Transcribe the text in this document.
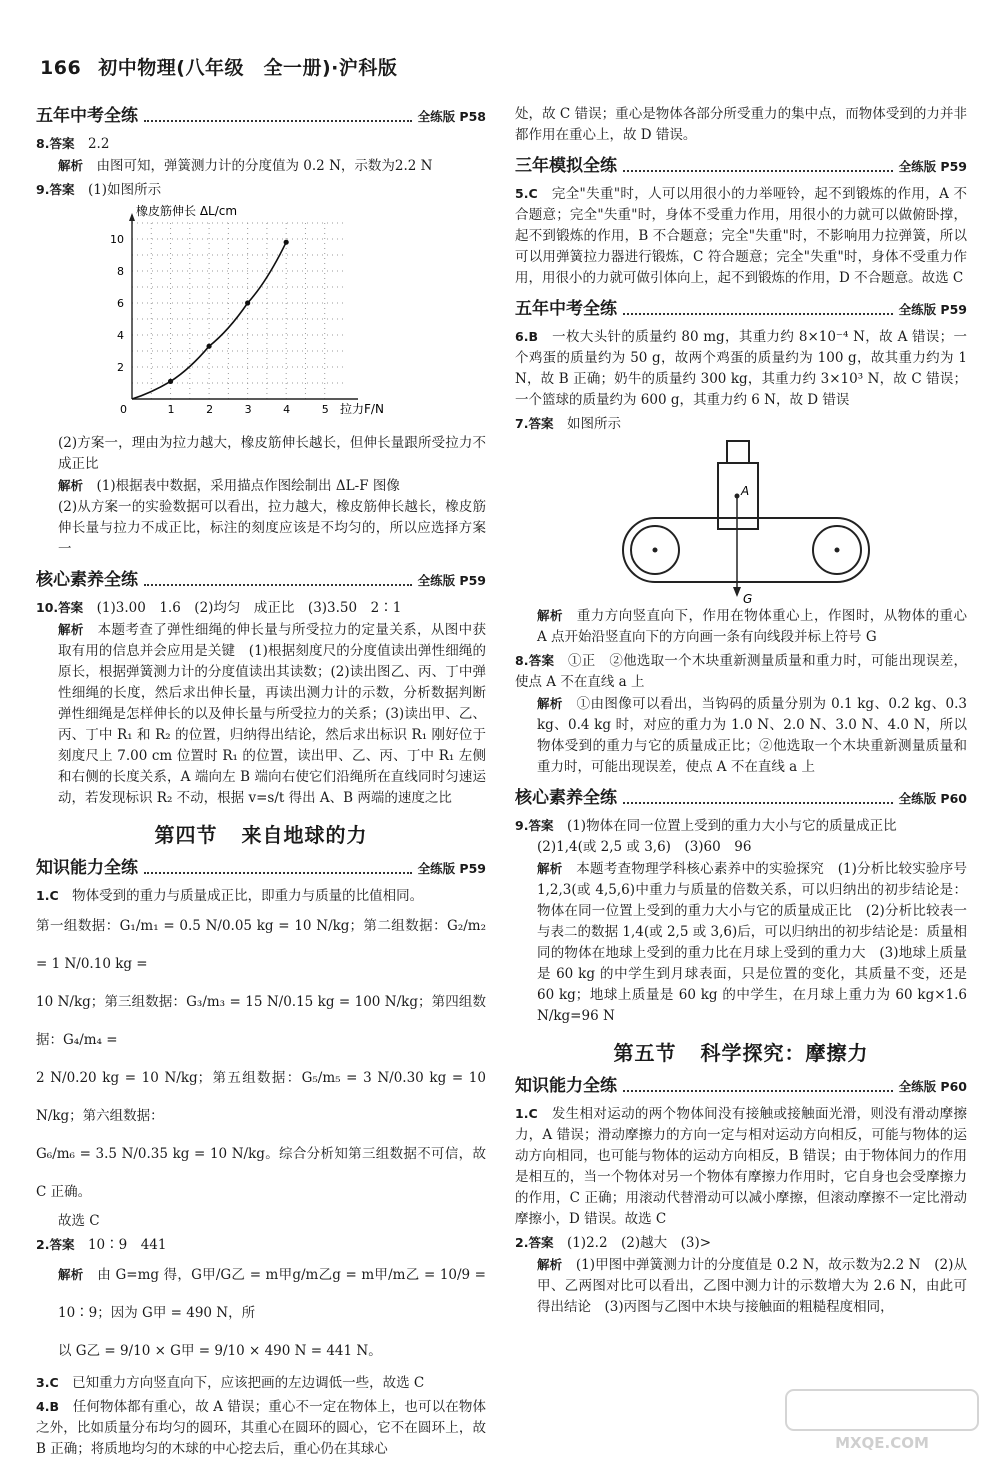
166 初中物理(八年级　全一册)·沪科版
五年中考全练	全练版 P58

8.答案　 2.2

解析　 由图可知，弹簧测力计的分度值为 0.2 N，示数为2.2 N

9.答案　 (1)如图所示

0	1	2	3	4	5
2
4
6
8
10
橡皮筋伸长 ΔL/cm
拉力F/N

(2)方案一，理由为拉力越大，橡皮筋伸长越长，但伸长量跟所受拉力不成正比

解析　 (1)根据表中数据，采用描点作图绘制出 ΔL-F 图像

(2)从方案一的实验数据可以看出，拉力越大，橡皮筋伸长越长，橡皮筋伸长量与拉力不成正比，标注的刻度应该是不均匀的，所以应选择方案一

核心素养全练	全练版 P59

10.答案　 (1)3.00　1.6　(2)均匀　成正比　(3)3.50　2∶1

解析　 本题考查了弹性细绳的伸长量与所受拉力的定量关系，从图中获取有用的信息并会应用是关键　(1)根据刻度尺的分度值读出弹性细绳的原长，根据弹簧测力计的分度值读出其读数；(2)读出图乙、丙、丁中弹性细绳的长度，然后求出伸长量，再读出测力计的示数，分析数据判断弹性细绳是怎样伸长的以及伸长量与所受拉力的关系；(3)读出甲、乙、丙、丁中 R₁ 和 R₂ 的位置，归纳得出结论，然后求出标识 R₁ 刚好位于刻度尺上 7.00 cm 位置时 R₁ 的位置，读出甲、乙、丙、丁中 R₁ 左侧和右侧的长度关系，A 端向左 B 端向右使它们沿绳所在直线同时匀速运动，若发现标识 R₂ 不动，根据 v=s/t 得出 A、B 两端的速度之比

第四节 来自地球的力
知识能力全练	全练版 P59

1.C　 物体受到的重力与质量成正比，即重力与质量的比值相同。

第一组数据：G₁/m₁ = 0.5 N/0.05 kg = 10 N/kg；第二组数据：G₂/m₂ = 1 N/0.10 kg =

10 N/kg；第三组数据：G₃/m₃ = 15 N/0.15 kg = 100 N/kg；第四组数据：G₄/m₄ =

2 N/0.20 kg = 10 N/kg；第五组数据：G₅/m₅ = 3 N/0.30 kg = 10 N/kg；第六组数据：

G₆/m₆ = 3.5 N/0.35 kg = 10 N/kg。综合分析知第三组数据不可信，故 C 正确。

故选 C

2.答案　 10∶9　441

解析　 由 G=mg 得，G甲/G乙 = m甲g/m乙g = m甲/m乙 = 10/9 = 10∶9；因为 G甲 = 490 N，所

以 G乙 = 9/10 × G甲 = 9/10 × 490 N = 441 N。

3.C　 已知重力方向竖直向下，应该把画的左边调低一些，故选 C

4.B　 任何物体都有重心，故 A 错误；重心不一定在物体上，也可以在物体之外，比如质量分布均匀的圆环，其重心在圆环的圆心，它不在圆环上，故 B 正确；将质地均匀的木球的中心挖去后，重心仍在其球心

处，故 C 错误；重心是物体各部分所受重力的集中点，而物体受到的力并非都作用在重心上，故 D 错误。

三年模拟全练	全练版 P59

5.C　 完全"失重"时，人可以用很小的力举哑铃，起不到锻炼的作用，A 不合题意；完全"失重"时，身体不受重力作用，用很小的力就可以做俯卧撑，起不到锻炼的作用，B 不合题意；完全"失重"时，不影响用力拉弹簧，所以可以用弹簧拉力器进行锻炼，C 符合题意；完全"失重"时，身体不受重力作用，用很小的力就可做引体向上，起不到锻炼的作用，D 不合题意。故选 C

五年中考全练	全练版 P59

6.B　 一枚大头针的质量约 80 mg，其重力约 8×10⁻⁴ N，故 A 错误；一个鸡蛋的质量约为 50 g，故两个鸡蛋的质量约为 100 g，故其重力约为 1 N，故 B 正确；奶牛的质量约 300 kg，其重力约 3×10³ N，故 C 错误；一个篮球的质量约为 600 g，其重力约 6 N，故 D 错误

7.答案　 如图所示

A
G

解析　 重力方向竖直向下，作用在物体重心上，作图时，从物体的重心 A 点开始沿竖直向下的方向画一条有向线段并标上符号 G

8.答案　 ①正　②他选取一个木块重新测量质量和重力时，可能出现误差，使点 A 不在直线 a 上

解析　 ①由图像可以看出，当钩码的质量分别为 0.1 kg、0.2 kg、0.3 kg、0.4 kg 时，对应的重力为 1.0 N、2.0 N、3.0 N、4.0 N，所以物体受到的重力与它的质量成正比；②他选取一个木块重新测量质量和重力时，可能出现误差，使点 A 不在直线 a 上

核心素养全练	全练版 P60

9.答案　 (1)物体在同一位置上受到的重力大小与它的质量成正比

(2)1,4(或 2,5 或 3,6)　(3)60　96

解析　 本题考查物理学科核心素养中的实验探究　(1)分析比较实验序号 1,2,3(或 4,5,6)中重力与质量的倍数关系，可以归纳出的初步结论是：物体在同一位置上受到的重力大小与它的质量成正比　(2)分析比较表一与表二的数据 1,4(或 2,5 或 3,6)后，可以归纳出的初步结论是：质量相同的物体在地球上受到的重力比在月球上受到的重力大　(3)地球上质量是 60 kg 的中学生到月球表面，只是位置的变化，其质量不变，还是 60 kg；地球上质量是 60 kg 的中学生，在月球上重力为 60 kg×1.6 N/kg=96 N

第五节 科学探究：摩擦力
知识能力全练	全练版 P60

1.C　 发生相对运动的两个物体间没有接触或接触面光滑，则没有滑动摩擦力，A 错误；滑动摩擦力的方向一定与相对运动方向相反，可能与物体的运动方向相同，也可能与物体的运动方向相反，B 错误；由于物体间力的作用是相互的，当一个物体对另一个物体有摩擦力作用时，它自身也会受摩擦力的作用，C 正确；用滚动代替滑动可以减小摩擦，但滚动摩擦不一定比滑动摩擦小，D 错误。故选 C

2.答案　 (1)2.2　(2)越大　(3)>

解析　 (1)甲图中弹簧测力计的分度值是 0.2 N，故示数为2.2 N　(2)从甲、乙两图对比可以看出，乙图中测力计的示数增大为 2.6 N，由此可得出结论　(3)丙图与乙图中木块与接触面的粗糙程度相同，

MXQE.COM
